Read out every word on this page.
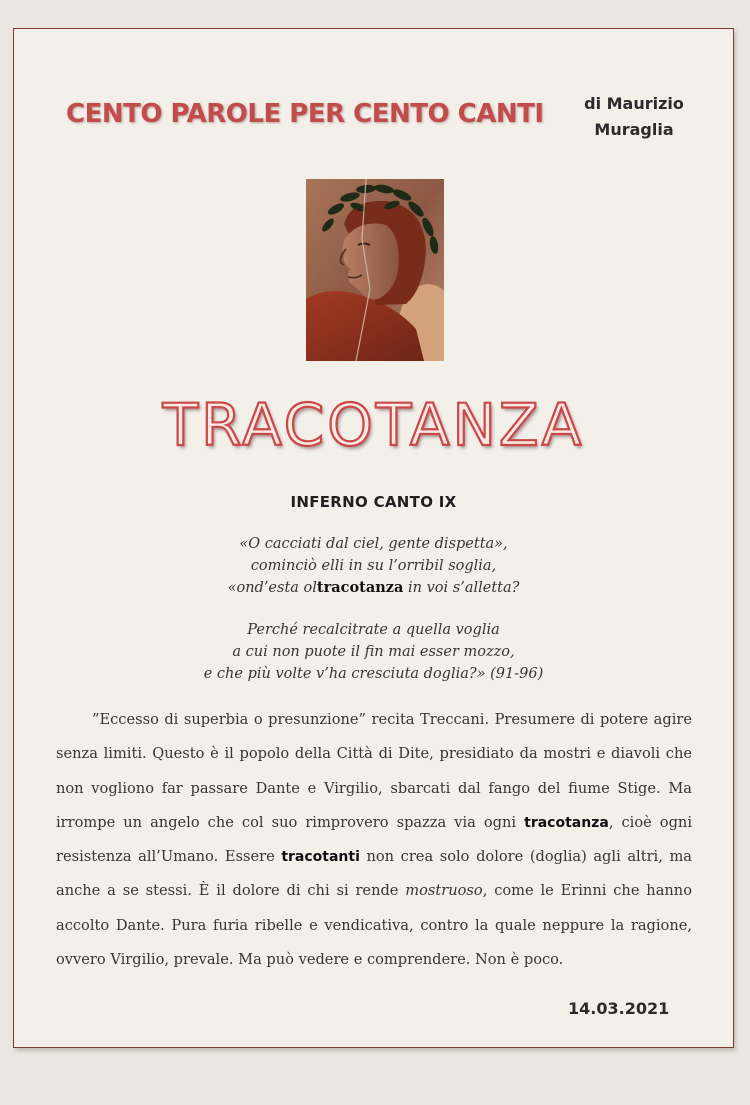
CENTO PAROLE PER CENTO CANTI	di Maurizio
Muraglia
TRACOTANZA
INFERNO CANTO IX

«O cacciati dal ciel, gente dispetta»,

cominciò elli in su l’orribil soglia,

«ond’esta oltracotanza in voi s’alletta?

Perché recalcitrate a quella voglia

a cui non puote il fin mai esser mozzo,

e che più volte v’ha cresciuta doglia?» (91-96)

”Eccesso di superbia o presunzione” recita Treccani. Presumere di potere agire senza limiti. Questo è il popolo della Città di Dite, presidiato da mostri e diavoli che non vogliono far passare Dante e Virgilio, sbarcati dal fango del fiume Stige. Ma irrompe un angelo che col suo rimprovero spazza via ogni tracotanza, cioè ogni resistenza all’Umano. Essere tracotanti non crea solo dolore (doglia) agli altri, ma anche a se stessi. È il dolore di chi si rende mostruoso, come le Erinni che hanno accolto Dante. Pura furia ribelle e vendicativa, contro la quale neppure la ragione, ovvero Virgilio, prevale. Ma può vedere e comprendere. Non è poco.
14.03.2021
